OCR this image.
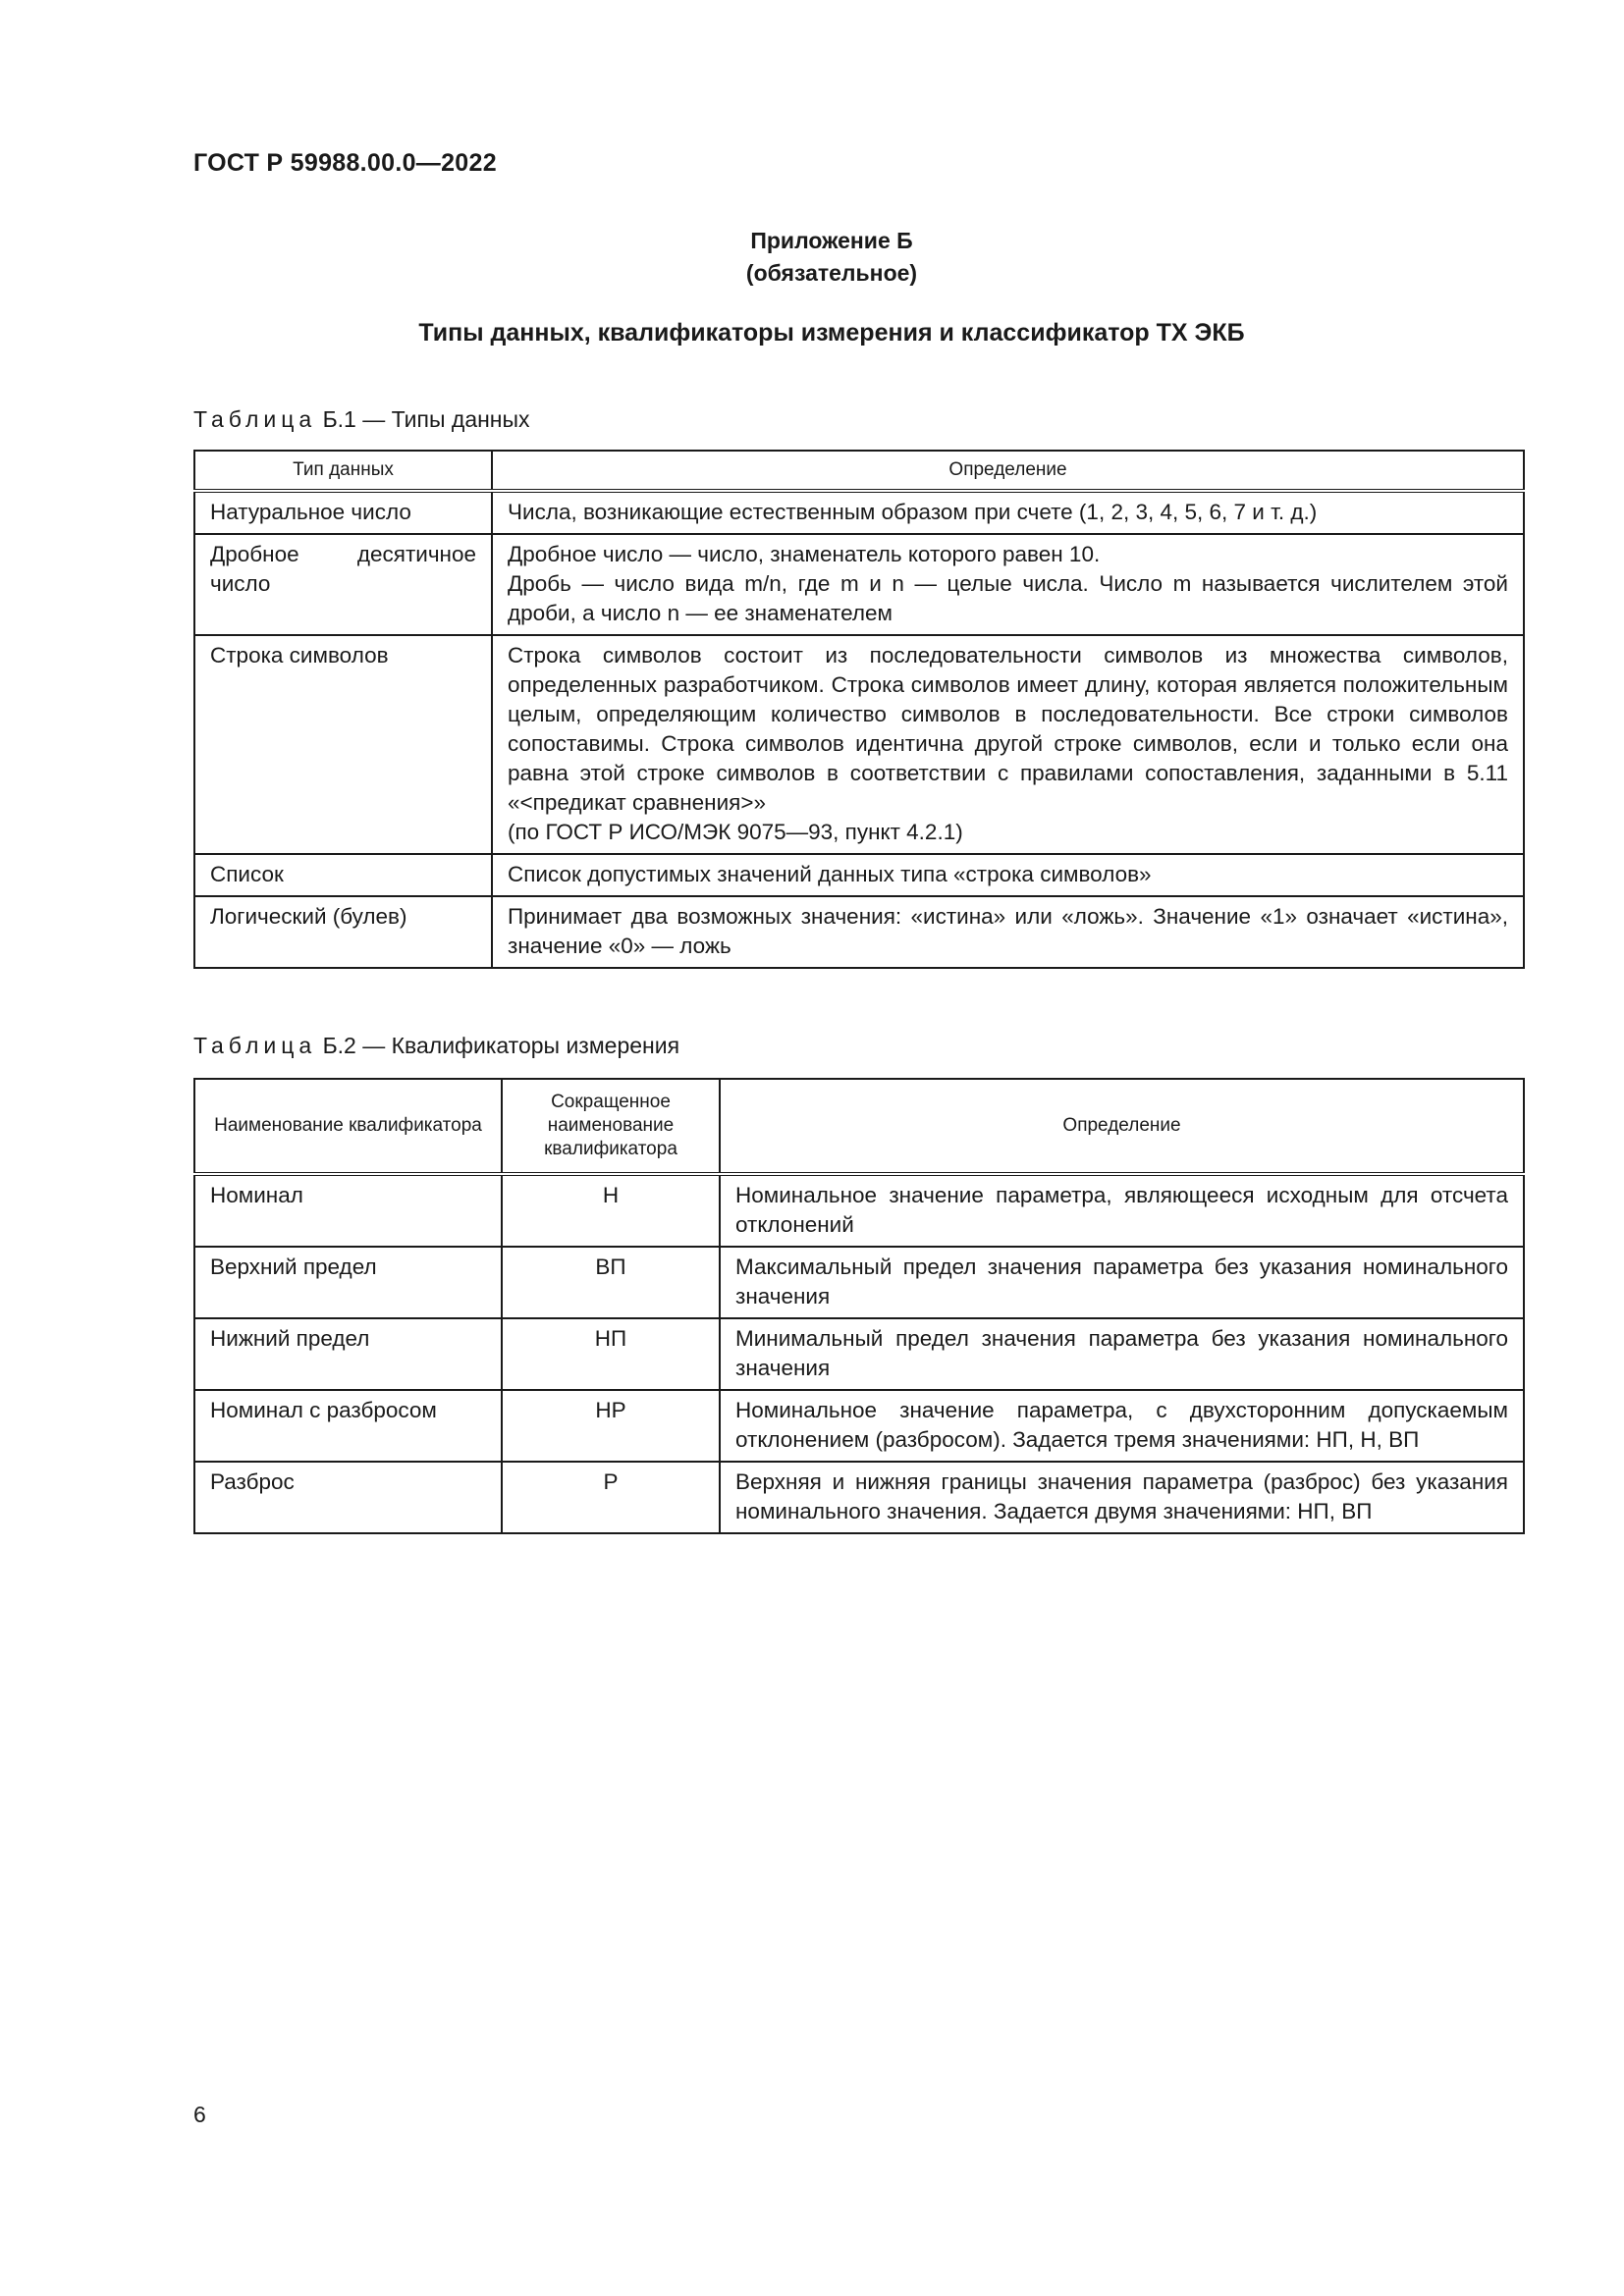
ГОСТ Р 59988.00.0—2022
Приложение Б
(обязательное)
Типы данных, квалификаторы измерения и классификатор ТХ ЭКБ
Таблица Б.1 — Типы данных
Тип данных	Определение
Натуральное число	Числа, возникающие естественным образом при счете (1, 2, 3, 4, 5, 6, 7 и т. д.)
Дробное десятичное число	Дробное число — число, знаменатель которого равен 10.
Дробь — число вида m/n, где m и n — целые числа. Число m называется числителем этой дроби, а число n — ее знаменателем

Строка символов	Строка символов состоит из последовательности символов из множества символов, определенных разработчиком. Строка символов имеет длину, которая является положительным целым, определяющим количество символов в последовательности. Все строки символов сопоставимы. Строка символов идентична другой строке символов, если и только если она равна этой строке символов в соответствии с правилами сопоставления, заданными в 5.11 «<предикат сравнения>»
(по ГОСТ Р ИСО/МЭК 9075—93, пункт 4.2.1)

Список	Список допустимых значений данных типа «строка символов»
Логический (булев)	Принимает два возможных значения: «истина» или «ложь». Значение «1» означает «истина», значение «0» — ложь
Таблица Б.2 — Квалификаторы измерения
Наименование квалификатора	Сокращенное наименование квалификатора	Определение
Номинал	Н	Номинальное значение параметра, являющееся исходным для отсчета отклонений
Верхний предел	ВП	Максимальный предел значения параметра без указания номинального значения
Нижний предел	НП	Минимальный предел значения параметра без указания номинального значения
Номинал с разбросом	НР	Номинальное значение параметра, с двухсторонним допускаемым отклонением (разбросом). Задается тремя значениями: НП, Н, ВП
Разброс	Р	Верхняя и нижняя границы значения параметра (разброс) без указания номинального значения. Задается двумя значениями: НП, ВП
6
